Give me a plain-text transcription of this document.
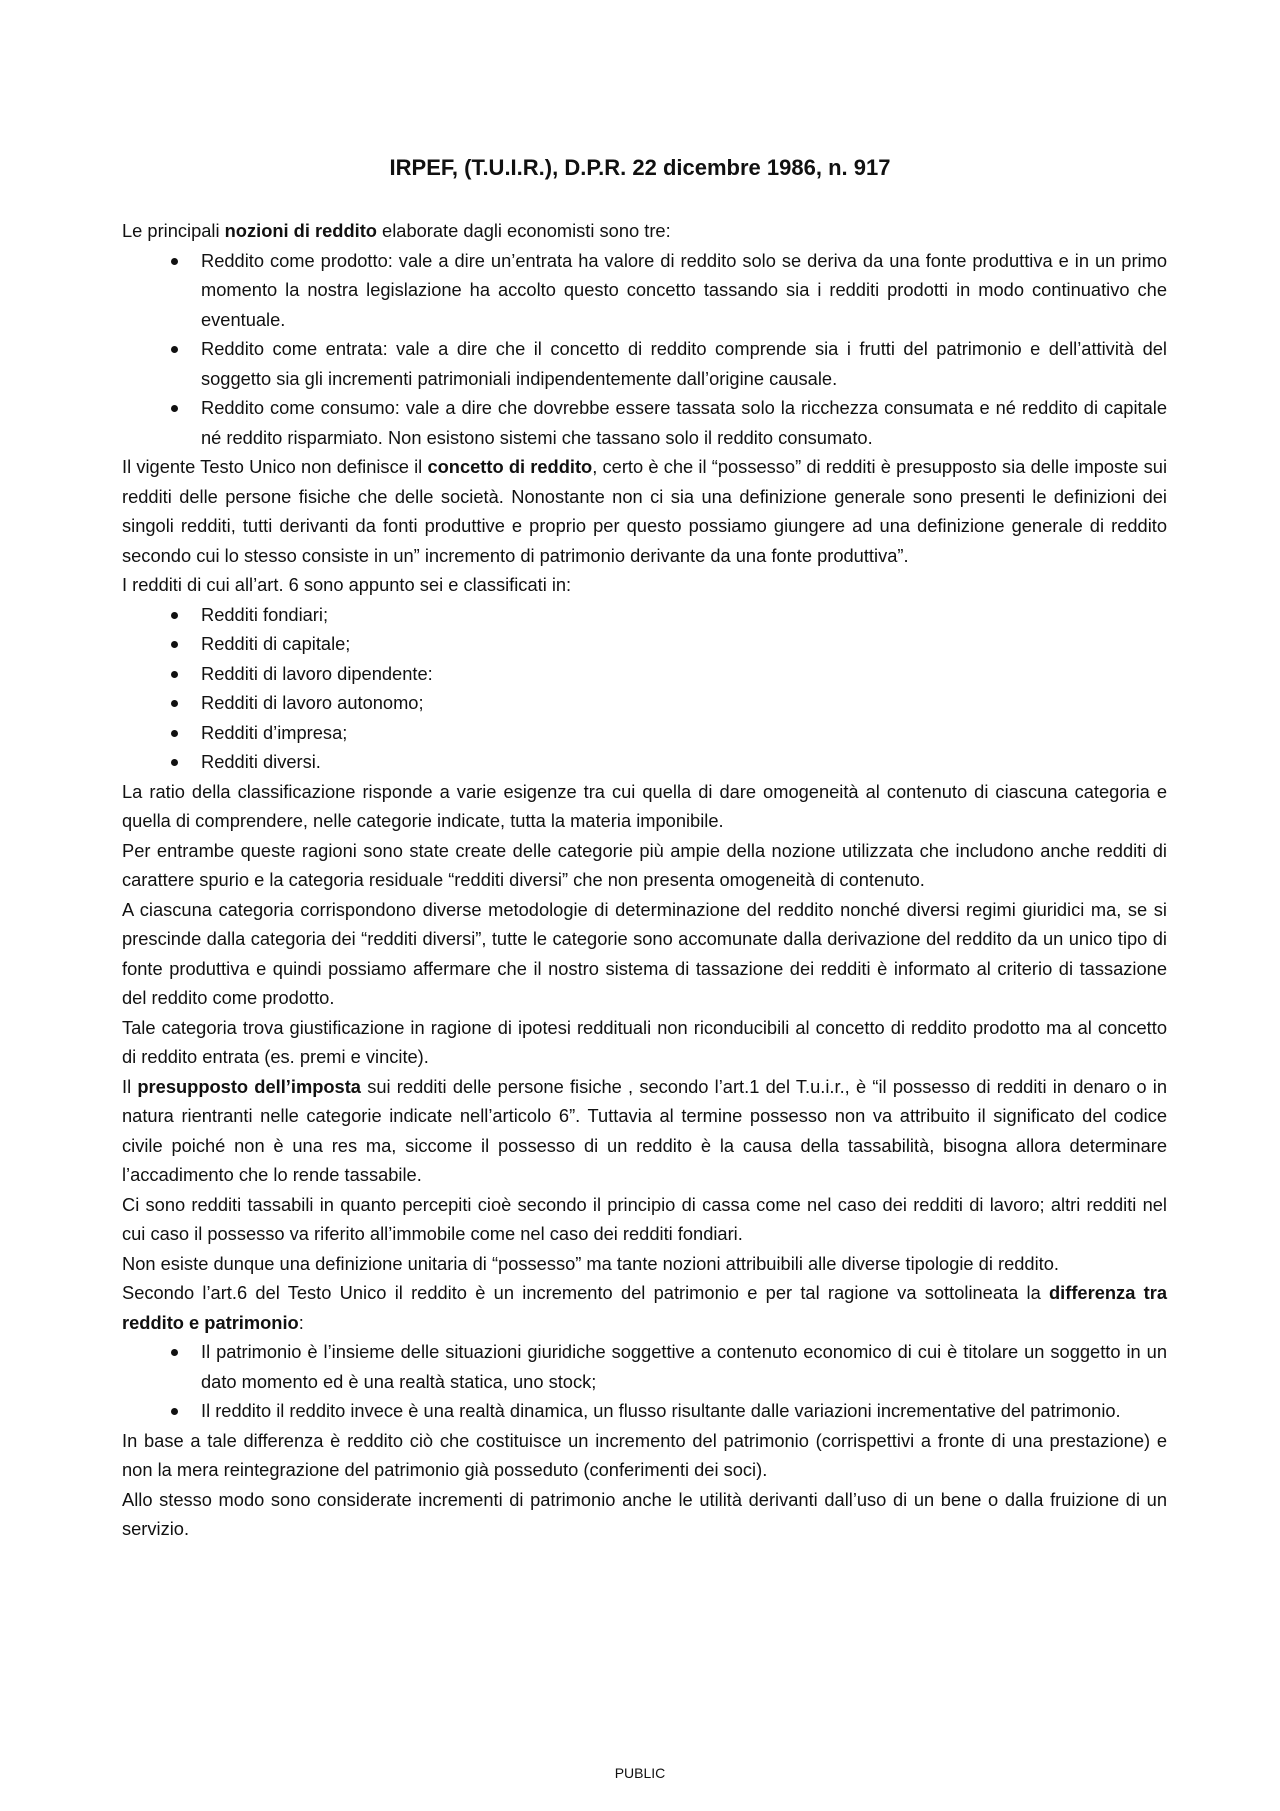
IRPEF, (T.U.I.R.), D.P.R. 22 dicembre 1986, n. 917

Le principali nozioni di reddito elaborate dagli economisti sono tre:

Reddito come prodotto: vale a dire un’entrata ha valore di reddito solo se deriva da una fonte produttiva e in un primo momento la nostra legislazione ha accolto questo concetto tassando sia i redditi prodotti in modo continuativo che eventuale.
Reddito come entrata: vale a dire che il concetto di reddito comprende sia i frutti del patrimonio e dell’attività del soggetto sia gli incrementi patrimoniali indipendentemente dall’origine causale.
Reddito come consumo: vale a dire che dovrebbe essere tassata solo la ricchezza consumata e né reddito di capitale né reddito risparmiato. Non esistono sistemi che tassano solo il reddito consumato.

Il vigente Testo Unico non definisce il concetto di reddito, certo è che il “possesso” di redditi è presupposto sia delle imposte sui redditi delle persone fisiche che delle società. Nonostante non ci sia una definizione generale sono presenti le definizioni dei singoli redditi, tutti derivanti da fonti produttive e proprio per questo possiamo giungere ad una definizione generale di reddito secondo cui lo stesso consiste in un” incremento di patrimonio derivante da una fonte produttiva”.

I redditi di cui all’art. 6 sono appunto sei e classificati in:

Redditi fondiari;
Redditi di capitale;
Redditi di lavoro dipendente:
Redditi di lavoro autonomo;
Redditi d’impresa;
Redditi diversi.

La ratio della classificazione risponde a varie esigenze tra cui quella di dare omogeneità al contenuto di ciascuna categoria e quella di comprendere, nelle categorie indicate, tutta la materia imponibile.

Per entrambe queste ragioni sono state create delle categorie più ampie della nozione utilizzata che includono anche redditi di carattere spurio e la categoria residuale “redditi diversi” che non presenta omogeneità di contenuto.

A ciascuna categoria corrispondono diverse metodologie di determinazione del reddito nonché diversi regimi giuridici ma, se si prescinde dalla categoria dei “redditi diversi”, tutte le categorie sono accomunate dalla derivazione del reddito da un unico tipo di fonte produttiva e quindi possiamo affermare che il nostro sistema di tassazione dei redditi è informato al criterio di tassazione del reddito come prodotto.

Tale categoria trova giustificazione in ragione di ipotesi reddituali non riconducibili al concetto di reddito prodotto ma al concetto di reddito entrata (es. premi e vincite).

Il presupposto dell’imposta sui redditi delle persone fisiche , secondo l’art.1 del T.u.i.r., è “il possesso di redditi in denaro o in natura rientranti nelle categorie indicate nell’articolo 6”. Tuttavia al termine possesso non va attribuito il significato del codice civile poiché non è una res ma, siccome il possesso di un reddito è la causa della tassabilità, bisogna allora determinare l’accadimento che lo rende tassabile.

Ci sono redditi tassabili in quanto percepiti cioè secondo il principio di cassa come nel caso dei redditi di lavoro; altri redditi nel cui caso il possesso va riferito all’immobile come nel caso dei redditi fondiari.

Non esiste dunque una definizione unitaria di “possesso” ma tante nozioni attribuibili alle diverse tipologie di reddito.

Secondo l’art.6 del Testo Unico il reddito è un incremento del patrimonio e per tal ragione va sottolineata la differenza tra reddito e patrimonio:

Il patrimonio è l’insieme delle situazioni giuridiche soggettive a contenuto economico di cui è titolare un soggetto in un dato momento ed è una realtà statica, uno stock;
Il reddito il reddito invece è una realtà dinamica, un flusso risultante dalle variazioni incrementative del patrimonio.

In base a tale differenza è reddito ciò che costituisce un incremento del patrimonio (corrispettivi a fronte di una prestazione) e non la mera reintegrazione del patrimonio già posseduto (conferimenti dei soci).

Allo stesso modo sono considerate incrementi di patrimonio anche le utilità derivanti dall’uso di un bene o dalla fruizione di un servizio.

PUBLIC
